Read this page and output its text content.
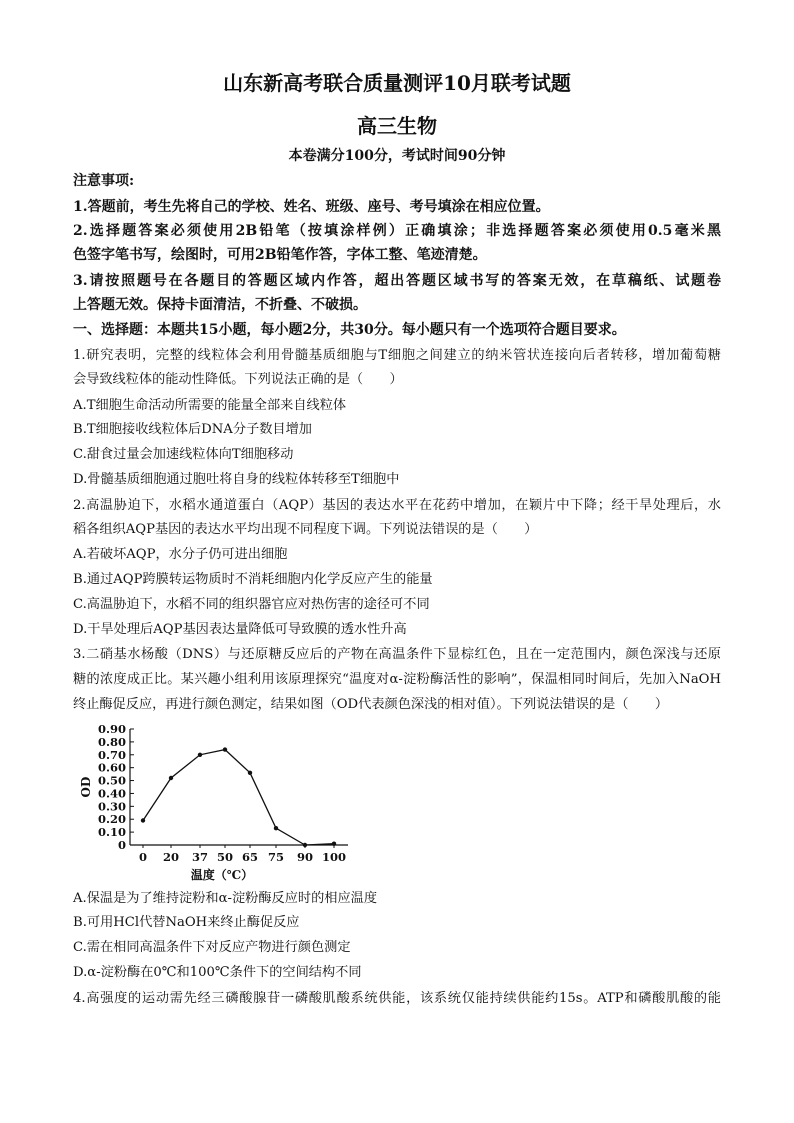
山东新高考联合质量测评10月联考试题
高三生物
本卷满分100分，考试时间90分钟
注意事项:
1.答题前，考生先将自己的学校、姓名、班级、座号、考号填涂在相应位置。
2.选择题答案必须使用2B铅笔（按填涂样例）正确填涂；非选择题答案必须使用0.5毫米黑
色签字笔书写，绘图时，可用2B铅笔作答，字体工整、笔迹清楚。
3.请按照题号在各题目的答题区域内作答，超出答题区域书写的答案无效，在草稿纸、试题卷
上答题无效。保持卡面清洁，不折叠、不破损。
一、选择题：本题共15小题，每小题2分，共30分。每小题只有一个选项符合题目要求。
1.研究表明，完整的线粒体会利用骨髓基质细胞与T细胞之间建立的纳米管状连接向后者转移，增加葡萄糖
会导致线粒体的能动性降低。下列说法正确的是（　　）
A.T细胞生命活动所需要的能量全部来自线粒体
B.T细胞接收线粒体后DNA分子数目增加
C.甜食过量会加速线粒体向T细胞移动
D.骨髓基质细胞通过胞吐将自身的线粒体转移至T细胞中
2.高温胁迫下，水稻水通道蛋白（AQP）基因的表达水平在花药中增加，在颖片中下降；经干旱处理后，水
稻各组织AQP基因的表达水平均出现不同程度下调。下列说法错误的是（　　）
A.若破坏AQP，水分子仍可进出细胞
B.通过AQP跨膜转运物质时不消耗细胞内化学反应产生的能量
C.高温胁迫下，水稻不同的组织器官应对热伤害的途径可不同
D.干旱处理后AQP基因表达量降低可导致膜的透水性升高
3.二硝基水杨酸（DNS）与还原糖反应后的产物在高温条件下显棕红色，且在一定范围内，颜色深浅与还原
糖的浓度成正比。某兴趣小组利用该原理探究“温度对α-淀粉酶活性的影响”，保温相同时间后，先加入NaOH
终止酶促反应，再进行颜色测定，结果如图（OD代表颜色深浅的相对值）。下列说法错误的是（　　）
0
0.10
0.20
0.30
0.40
0.50
0.60
0.70
0.80
0.90
0 20 37 50 65 75 90 100
OD
温度（℃）
A.保温是为了维持淀粉和α-淀粉酶反应时的相应温度
B.可用HCl代替NaOH来终止酶促反应
C.需在相同高温条件下对反应产物进行颜色测定
D.α-淀粉酶在0℃和100℃条件下的空间结构不同
4.高强度的运动需先经三磷酸腺苷一磷酸肌酸系统供能，该系统仅能持续供能约15s。ATP和磷酸肌酸的能
